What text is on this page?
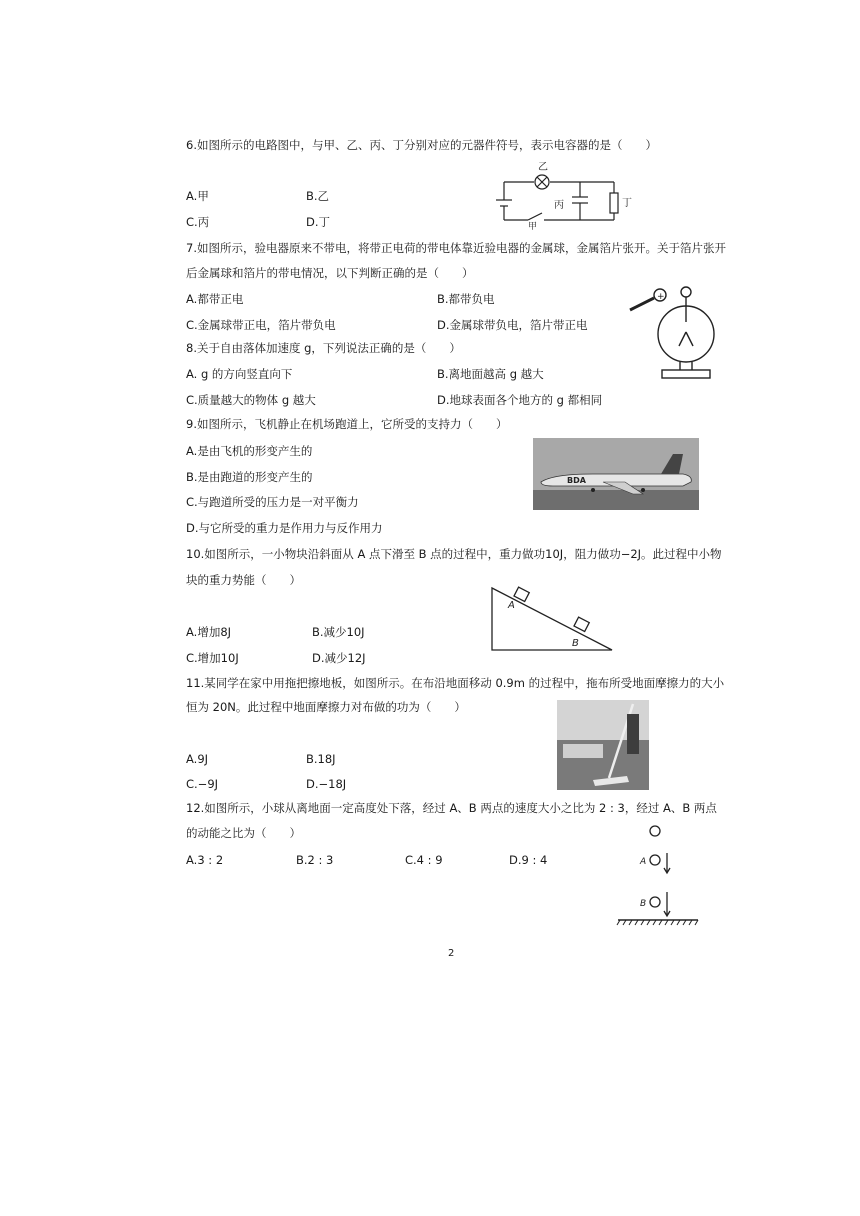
6.如图所示的电路图中，与甲、乙、丙、丁分别对应的元器件符号，表示电容器的是（　　）
A.甲	B.乙
C.丙	D.丁
乙
丙	丁
甲
7.如图所示，验电器原来不带电，将带正电荷的带电体靠近验电器的金属球，金属箔片张开。关于箔片张开
后金属球和箔片的带电情况，以下判断正确的是（　　）
A.都带正电	B.都带负电
C.金属球带正电，箔片带负电	D.金属球带负电，箔片带正电
+
8.关于自由落体加速度 g，下列说法正确的是（　　）
A. g 的方向竖直向下	B.离地面越高 g 越大
C.质量越大的物体 g 越大	D.地球表面各个地方的 g 都相同
9.如图所示，飞机静止在机场跑道上，它所受的支持力（　　）
A.是由飞机的形变产生的
B.是由跑道的形变产生的
C.与跑道所受的压力是一对平衡力
D.与它所受的重力是作用力与反作用力
BDA
10.如图所示，一小物块沿斜面从 A 点下滑至 B 点的过程中，重力做功10J，阻力做功−2J。此过程中小物
块的重力势能（　　）
A.增加8J	B.减少10J
C.增加10J	D.减少12J
A
B
11.某同学在家中用拖把擦地板，如图所示。在布沿地面移动 0.9m 的过程中，拖布所受地面摩擦力的大小
恒为 20N。此过程中地面摩擦力对布做的功为（　　）
A.9J	B.18J
C.−9J	D.−18J
12.如图所示，小球从离地面一定高度处下落，经过 A、B 两点的速度大小之比为 2 : 3，经过 A、B 两点
的动能之比为（　　）
A.3 : 2	B.2 : 3	C.4 : 9	D.9 : 4	A
B
2
